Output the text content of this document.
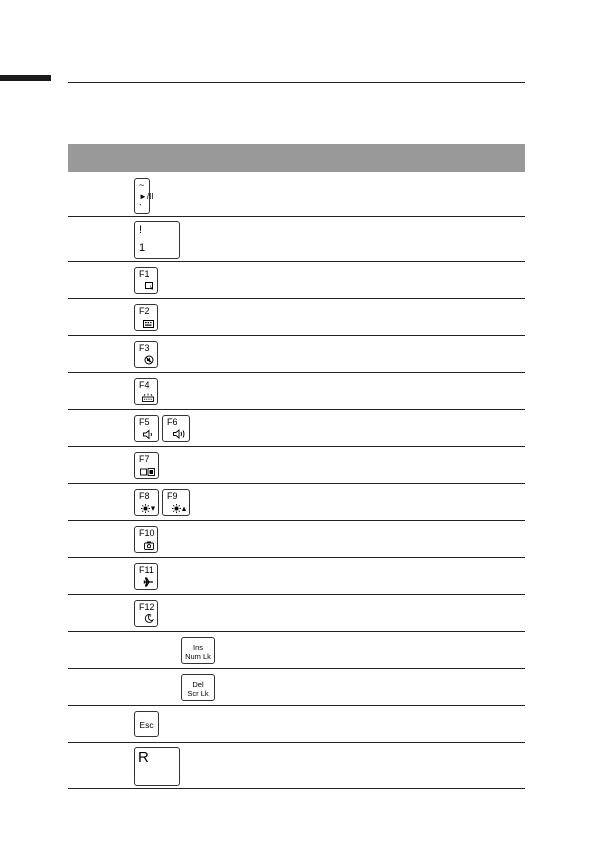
~
►/II
`
!
1
F1
F2
F3
F4
F5 F6
F7
F8 F9
F10
F11
F12
z
Ins
Num Lk
Del
Scr Lk
Esc
R
